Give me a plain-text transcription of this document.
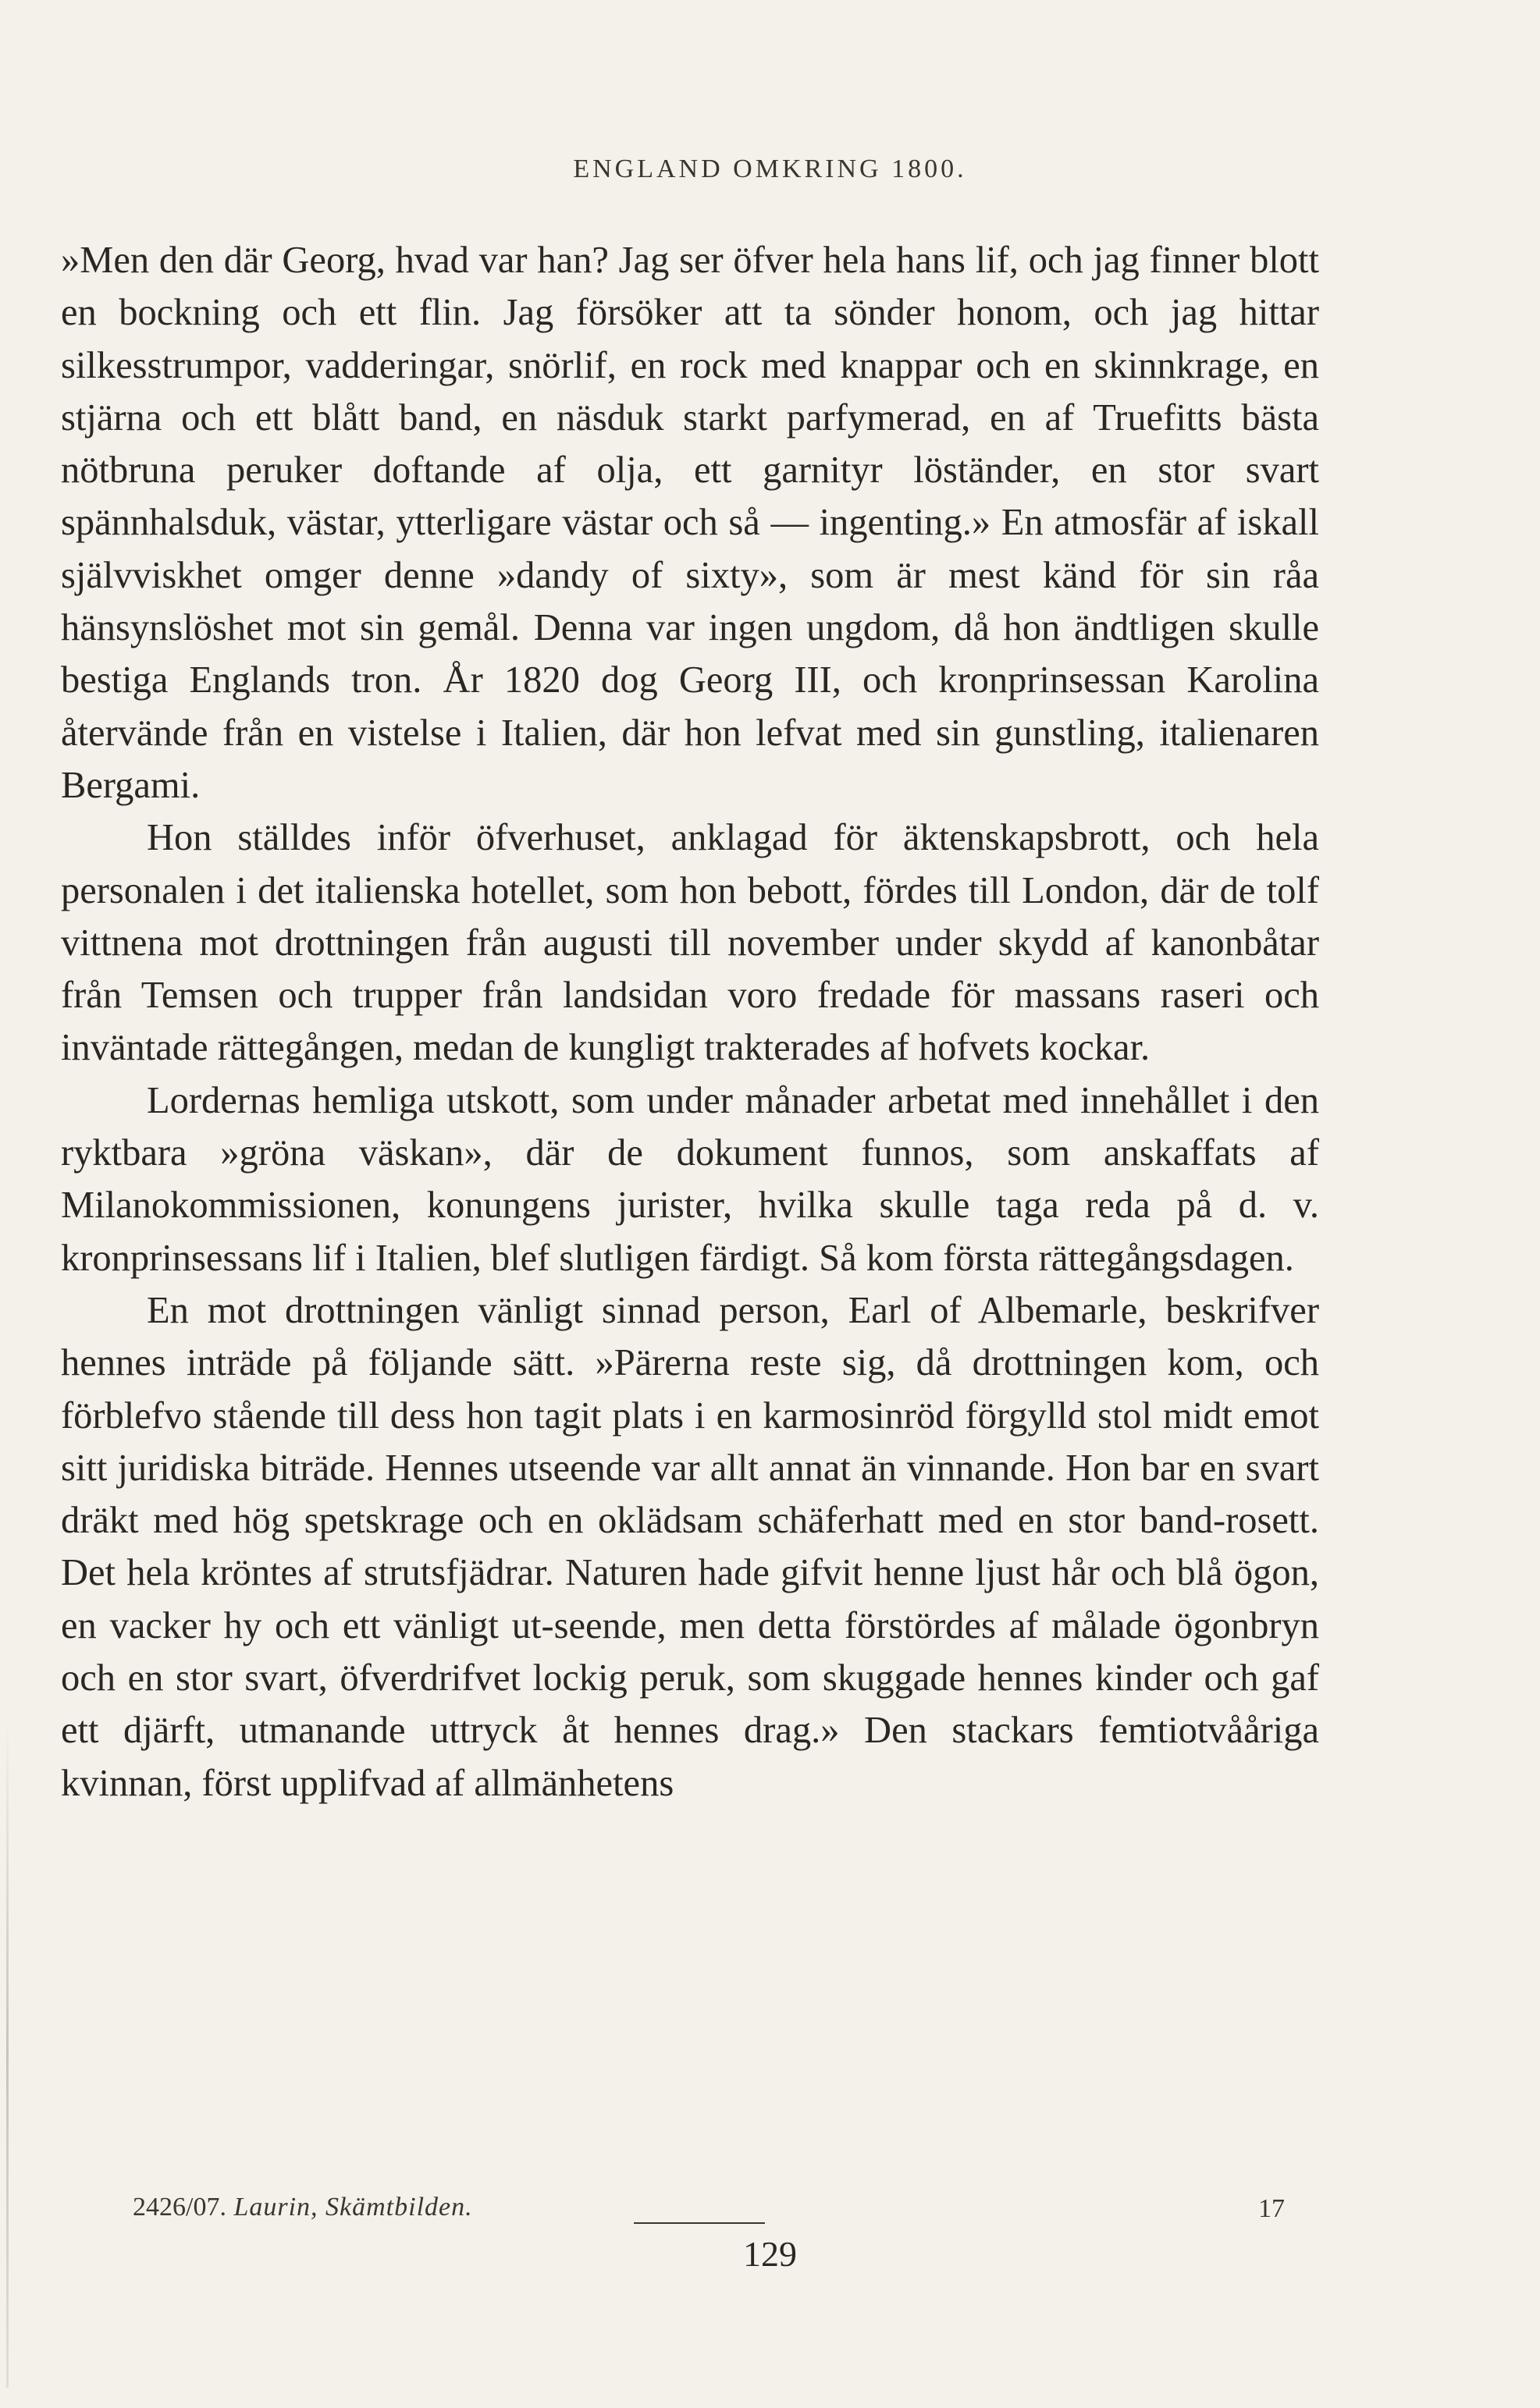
ENGLAND OMKRING 1800.

»Men den där Georg, hvad var han? Jag ser öfver hela hans lif, och jag finner blott en bockning och ett flin. Jag försöker att ta sönder honom, och jag hittar silkesstrumpor, vadderingar, snörlif, en rock med knappar och en skinnkrage, en stjärna och ett blått band, en näsduk starkt parfymerad, en af Truefitts bästa nötbruna peruker doftande af olja, ett garnityr löständer, en stor svart spännhalsduk, västar, ytterligare västar och så — ingenting.» En atmosfär af iskall självviskhet omger denne »dandy of sixty», som är mest känd för sin råa hänsynslöshet mot sin gemål. Denna var ingen ungdom, då hon ändtligen skulle bestiga Englands tron. År 1820 dog Georg III, och kronprinsessan Karolina återvände från en vistelse i Italien, där hon lefvat med sin gunstling, italienaren Bergami.

Hon ställdes inför öfverhuset, anklagad för äktenskapsbrott, och hela personalen i det italienska hotellet, som hon bebott, fördes till London, där de tolf vittnena mot drottningen från augusti till november under skydd af kanonbåtar från Temsen och trupper från landsidan voro fredade för massans raseri och inväntade rättegången, medan de kungligt trakterades af hofvets kockar.

Lordernas hemliga utskott, som under månader arbetat med innehållet i den ryktbara »gröna väskan», där de dokument funnos, som anskaffats af Milanokommissionen, konungens jurister, hvilka skulle taga reda på d. v. kronprinsessans lif i Italien, blef slutligen färdigt. Så kom första rättegångsdagen.

En mot drottningen vänligt sinnad person, Earl of Albemarle, beskrifver hennes inträde på följande sätt. »Pärerna reste sig, då drottningen kom, och förblefvo stående till dess hon tagit plats i en karmosinröd förgylld stol midt emot sitt juridiska biträde. Hennes utseende var allt annat än vinnande. Hon bar en svart dräkt med hög spetskrage och en oklädsam schäferhatt med en stor band-rosett. Det hela kröntes af strutsfjädrar. Naturen hade gifvit henne ljust hår och blå ögon, en vacker hy och ett vänligt ut-seende, men detta förstördes af målade ögonbryn och en stor svart, öfverdrifvet lockig peruk, som skuggade hennes kinder och gaf ett djärft, utmanande uttryck åt hennes drag.» Den stackars femtiotvååriga kvinnan, först upplifvad af allmänhetens

2426/07. Laurin, Skämtbilden.	17
129
